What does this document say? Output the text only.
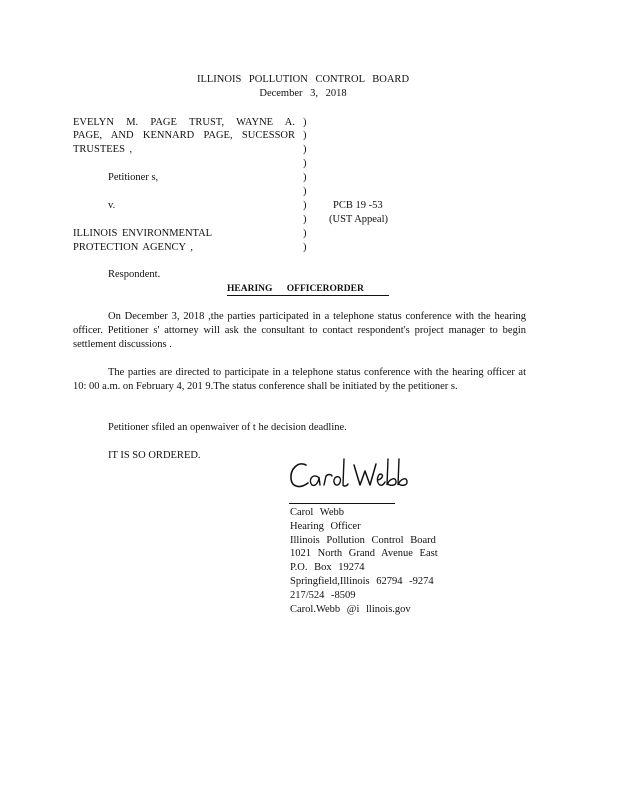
ILLINOIS POLLUTION CONTROL BOARD
December 3, 2018
EVELYN M. PAGE TRUST, WAYNE A.
PAGE, AND KENNARD PAGE, SUCESSOR
TRUSTEES ,
Petitioner s,
v.
ILLINOIS ENVIRONMENTAL
PROTECTION AGENCY ,
Respondent.
)
)
)
)
)
)
)
)
)
)
PCB 19 -53
(UST Appeal)
HEARING OFFICERORDER
On December 3, 2018 ,the parties participated in a telephone status conference with the hearing officer. Petitioner s' attorney will ask the consultant to contact respondent's project manager to begin settlement discussions .
The parties are directed to participate in a telephone status conference with the hearing officer at 10: 00 a.m. on February 4, 201 9.The status conference shall be initiated by the petitioner s.
Petitioner sfiled an openwaiver of t he decision deadline.
IT IS SO ORDERED.
Carol Webb
Hearing Officer
Illinois Pollution Control Board
1021 North Grand Avenue East
P.O. Box 19274
Springfield,Illinois 62794 -9274
217/524 -8509
Carol.Webb @i llinois.gov
